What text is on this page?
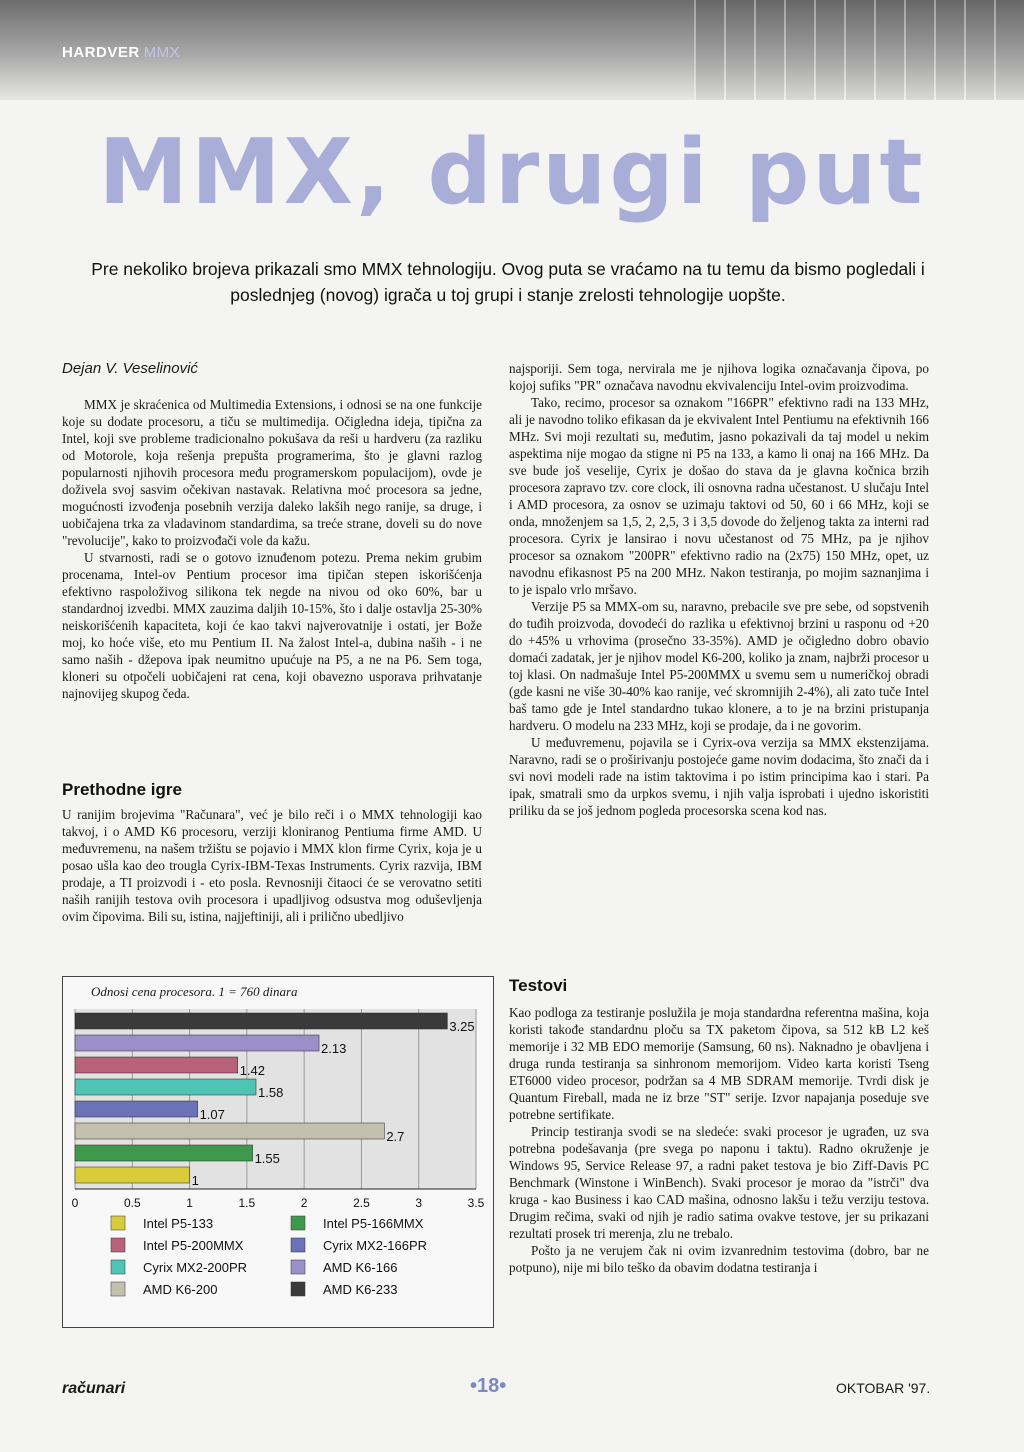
HARDVER MMX
MMX, drugi put
Pre nekoliko brojeva prikazali smo MMX tehnologiju. Ovog puta se vraćamo na tu temu da bismo pogledali i poslednjeg (novog) igrača u toj grupi i stanje zrelosti tehnologije uopšte.
Dejan V. Veselinović

MMX je skraćenica od Multimedia Extensions, i odnosi se na one funkcije koje su dodate procesoru, a tiču se multimedija. Očigledna ideja, tipična za Intel, koji sve probleme tradicionalno pokušava da reši u hardveru (za razliku od Motorole, koja rešenja prepušta programerima, što je glavni razlog popularnosti njihovih procesora među programerskom populacijom), ovde je doživela svoj sasvim očekivan nastavak. Relativna moć procesora sa jedne, mogućnosti izvođenja posebnih verzija daleko lakših nego ranije, sa druge, i uobičajena trka za vladavinom standardima, sa treće strane, doveli su do nove "revolucije", kako to proizvođači vole da kažu.

U stvarnosti, radi se o gotovo iznuđenom potezu. Prema nekim grubim procenama, Intel-ov Pentium procesor ima tipičan stepen iskorišćenja efektivno raspoloživog silikona tek negde na nivou od oko 60%, bar u standardnoj izvedbi. MMX zauzima daljih 10-15%, što i dalje ostavlja 25-30% neiskorišćenih kapaciteta, koji će kao takvi najverovatnije i ostati, jer Bože moj, ko hoće više, eto mu Pentium II. Na žalost Intel-a, dubina naših - i ne samo naših - džepova ipak neumitno upućuje na P5, a ne na P6. Sem toga, kloneri su otpočeli uobičajeni rat cena, koji obavezno usporava prihvatanje najnovijeg skupog čeda.

Prethodne igre

U ranijim brojevima "Računara", već je bilo reči i o MMX tehnologiji kao takvoj, i o AMD K6 procesoru, verziji kloniranog Pentiuma firme AMD. U međuvremenu, na našem tržištu se pojavio i MMX klon firme Cyrix, koja je u posao ušla kao deo trougla Cyrix-IBM-Texas Instruments. Cyrix razvija, IBM prodaje, a TI proizvodi i - eto posla. Revnosniji čitaoci će se verovatno setiti naših ranijih testova ovih procesora i upadljivog odsustva mog oduševljenja ovim čipovima. Bili su, istina, najjeftiniji, ali i prilično ubedljivo

Odnosi cena procesora. 1 = 760 dinara
3.25
2.13
1.42
1.58
1.07
2.7
1.55
1
0	0.5	1	1.5	2	2.5	3	3.5
Intel P5-133	Intel P5-166MMX
Intel P5-200MMX	Cyrix MX2-166PR
Cyrix MX2-200PR	AMD K6-166
AMD K6-200	AMD K6-233

najsporiji. Sem toga, nervirala me je njihova logika označavanja čipova, po kojoj sufiks "PR" označava navodnu ekvivalenciju Intel-ovim proizvodima.

Tako, recimo, procesor sa oznakom "166PR" efektivno radi na 133 MHz, ali je navodno toliko efikasan da je ekvivalent Intel Pentiumu na efektivnih 166 MHz. Svi moji rezultati su, međutim, jasno pokazivali da taj model u nekim aspektima nije mogao da stigne ni P5 na 133, a kamo li onaj na 166 MHz. Da sve bude još veselije, Cyrix je došao do stava da je glavna kočnica brzih procesora zapravo tzv. core clock, ili osnovna radna učestanost. U slučaju Intel i AMD procesora, za osnov se uzimaju taktovi od 50, 60 i 66 MHz, koji se onda, množenjem sa 1,5, 2, 2,5, 3 i 3,5 dovode do željenog takta za interni rad procesora. Cyrix je lansirao i novu učestanost od 75 MHz, pa je njihov procesor sa oznakom "200PR" efektivno radio na (2x75) 150 MHz, opet, uz navodnu efikasnost P5 na 200 MHz. Nakon testiranja, po mojim saznanjima i to je ispalo vrlo mršavo.

Verzije P5 sa MMX-om su, naravno, prebacile sve pre sebe, od sopstvenih do tuđih proizvoda, dovodeći do razlika u efektivnoj brzini u rasponu od +20 do +45% u vrhovima (prosečno 33-35%). AMD je očigledno dobro obavio domaći zadatak, jer je njihov model K6-200, koliko ja znam, najbrži procesor u toj klasi. On nadmašuje Intel P5-200MMX u svemu sem u numeričkoj obradi (gde kasni ne više 30-40% kao ranije, već skromnijih 2-4%), ali zato tuče Intel baš tamo gde je Intel standardno tukao klonere, a to je na brzini pristupanja hardveru. O modelu na 233 MHz, koji se prodaje, da i ne govorim.

U međuvremenu, pojavila se i Cyrix-ova verzija sa MMX ekstenzijama. Naravno, radi se o proširivanju postojeće game novim dodacima, što znači da i svi novi modeli rade na istim taktovima i po istim principima kao i stari. Pa ipak, smatrali smo da urpkos svemu, i njih valja isprobati i ujedno iskoristiti priliku da se još jednom pogleda procesorska scena kod nas.

Testovi

Kao podloga za testiranje poslužila je moja standardna referentna mašina, koja koristi takođe standardnu ploču sa TX paketom čipova, sa 512 kB L2 keš memorije i 32 MB EDO memorije (Samsung, 60 ns). Naknadno je obavljena i druga runda testiranja sa sinhronom memorijom. Video karta koristi Tseng ET6000 video procesor, podržan sa 4 MB SDRAM memorije. Tvrdi disk je Quantum Fireball, mada ne iz brze "ST" serije. Izvor napajanja poseduje sve potrebne sertifikate.

Princip testiranja svodi se na sledeće: svaki procesor je ugrađen, uz sva potrebna podešavanja (pre svega po naponu i taktu). Radno okruženje je Windows 95, Service Release 97, a radni paket testova je bio Ziff-Davis PC Benchmark (Winstone i WinBench). Svaki procesor je morao da "istrči" dva kruga - kao Business i kao CAD mašina, odnosno lakšu i težu verziju testova. Drugim rečima, svaki od njih je radio satima ovakve testove, jer su prikazani rezultati prosek tri merenja, zlu ne trebalo.

Pošto ja ne verujem čak ni ovim izvanrednim testovima (dobro, bar ne potpuno), nije mi bilo teško da obavim dodatna testiranja i

računari	•18•	OKTOBAR '97.
